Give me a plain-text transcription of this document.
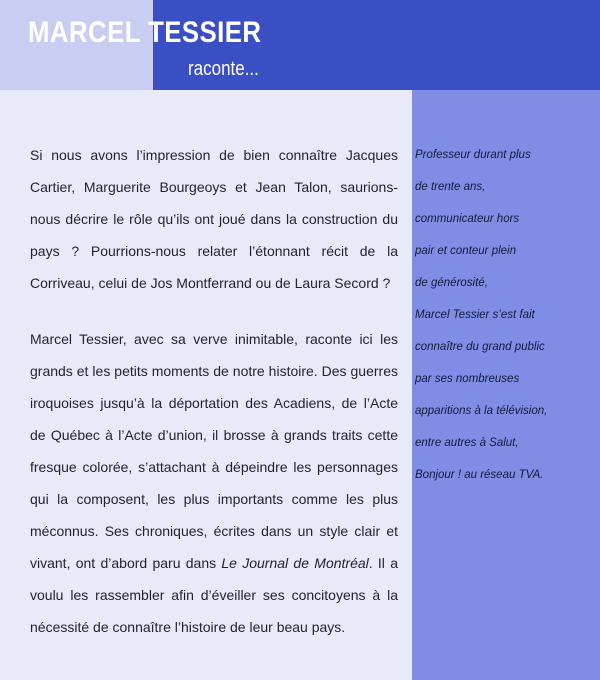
MARCEL TESSIER
raconte...

Si nous avons l’impression de bien connaître Jacques Cartier, Marguerite Bourgeoys et Jean Talon, saurions-nous décrire le rôle qu’ils ont joué dans la construction du pays ? Pourrions-nous relater l’étonnant récit de la Corriveau, celui de Jos Montferrand ou de Laura Secord ?

Marcel Tessier, avec sa verve inimitable, raconte ici les grands et les petits moments de notre histoire. Des guerres iroquoises jusqu’à la déportation des Acadiens, de l’Acte de Québec à l’Acte d’union, il brosse à grands traits cette fresque colorée, s’attachant à dépeindre les personnages qui la composent, les plus importants comme les plus méconnus. Ses chroniques, écrites dans un style clair et vivant, ont d’abord paru dans Le Journal de Montréal. Il a voulu les rassembler afin d’éveiller ses concitoyens à la nécessité de connaître l’histoire de leur beau pays.

Professeur durant plus
de trente ans,
communicateur hors
pair et conteur plein
de générosité,
Marcel Tessier s’est fait
connaître du grand public
par ses nombreuses
apparitions à la télévision,
entre autres à Salut,
Bonjour ! au réseau TVA.
